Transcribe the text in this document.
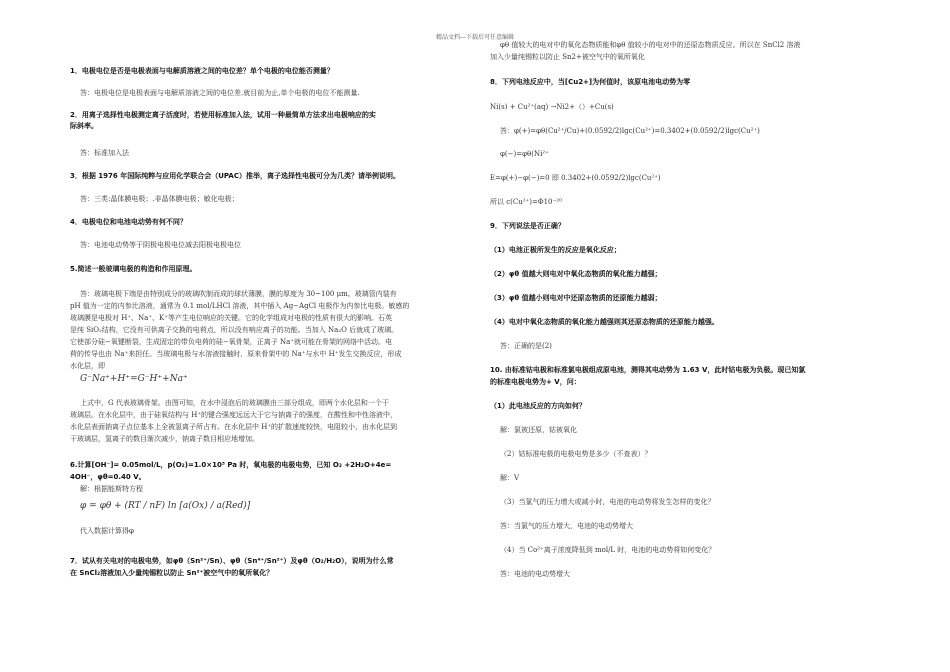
精品文档---下载后可任意编辑

1．电极电位是否是电极表面与电解质溶液之间的电位差？单个电极的电位能否测量？

答：电极电位是电极表面与电解质溶液之间的电位差.就目前为止,单个电极的电位不能测量.

2．用离子选择性电极测定离子活度时，若使用标准加入法，试用一种最简单方法求出电极响应的实

际斜率。

答：标准加入法

3．根据 1976 年国际纯粹与应用化学联合会（UPAC）推举，离子选择性电极可分为几类？请举例说明。

答：三类:晶体膜电极；.非晶体膜电极；敏化电极；

4．电极电位和电池电动势有何不同？

答：电池电动势等于阴极电极电位减去阳极电极电位

5.简述一般玻璃电极的构造和作用原理。

答：玻璃电极下端是由特别成分的玻璃吹制而成的球状薄膜，膜的厚度为 30~100 μm。玻璃管内装有

pH 值为一定的内参比溶液，通常为 0.1 mol/LHCl 溶液，其中插入 Ag−AgCl 电极作为内参比电极。敏感的

玻璃膜是电极对 H⁺、Na⁺、K⁺等产生电位响应的关键。它的化学组成对电极的性质有很大的影响。石英

是纯 SiO₂结构，它没有可供离子交换的电荷点，所以没有响应离子的功能。当加入 Na₂O 后就成了玻璃。

它使部分硅−氧键断裂，生成固定的带负电荷的硅−氧骨架，正离子 Na⁺就可能在骨架的网络中活动。电

荷的传导也由 Na⁺来担任。当玻璃电极与水溶液接触时，原来骨架中的 Na⁺与水中 H⁺发生交换反应，形成

水化层，即

G⁻Na⁺+H⁺=G⁻H⁺+Na⁺

上式中，G 代表玻璃骨架。由图可知，在水中浸泡后的玻璃膜由三部分组成，即两个水化层和一个干

玻璃层。在水化层中，由于硅氧结构与 H⁺的键合强度远远大于它与钠离子的强度，在酸性和中性溶液中，

水化层表面钠离子点位基本上全被氢离子所占有。在水化层中 H⁺的扩散速度较快，电阻较小，由水化层到

干玻璃层，氢离子的数目渐次减少，钠离子数目相应地增加。

6.计算[OH⁻]= 0.05mol/L，p(O₂)=1.0×10³ Pa 时，氧电极的电极电势，已知 O₂ +2H₂O+4e=

4OH⁻，φθ=0.40 V。

解：根据能斯特方程

φ = φθ + (RT / nF) ln [a(Ox) / a(Red)]

代入数据计算得φ

7．试从有关电对的电极电势，如φθ（Sn²⁺/Sn）、φθ（Sn⁴⁺/Sn²⁺）及φθ（O₂/H₂O），说明为什么常

在 SnCl₂溶液加入少量纯锡粒以防止 Sn²⁺被空气中的氧所氧化？

φθ 值较大的电对中的氧化态物质能和φθ 值较小的电对中的还原态物质反应。所以在 SnCl2 溶液

加入少量纯锡粒以防止 Sn2+被空气中的氧所氧化

8．下列电池反应中，当[Cu2+]为何值时，该原电池电动势为零

Ni(s) + Cu²⁺(aq) →Ni2+（）+Cu(s)

答：φ(+)=φθ(Cu²⁺/Cu)+(0.0592/2)lgc(Cu²⁺)=0.3402+(0.0592/2)lgc(Cu²⁺)

φ(−)=φθ(Ni²⁺

E=φ(+)−φ(−)=0 即 0.3402+(0.0592/2)lgc(Cu²⁺)

所以 c(Cu²⁺)=Φ10⁻²⁰

9．下列说法是否正确？

（1）电池正极所发生的反应是氧化反应；

（2）φθ 值越大则电对中氧化态物质的氧化能力越强；

（3）φθ 值越小则电对中还原态物质的还原能力越弱；

（4）电对中氧化态物质的氧化能力越强则其还原态物质的还原能力越强。

答：正确的是(2)

10. 由标准钴电极和标准氯电极组成原电池，测得其电动势为 1.63 V，此时钴电极为负极。现已知氯

的标准电极电势为+ V，问：

（1）此电池反应的方向如何？

解：氯被还原，钴被氧化

（2）钴标准电极的电极电势是多少（不查表）？

解：V

（3）当氯气的压力增大或减小时，电池的电动势将发生怎样的变化？

答：当氯气的压力增大，电池的电动势增大

（4）当 Co²⁺离子浓度降低到 mol/L 时，电池的电动势将如何变化？

答：电池的电动势增大
